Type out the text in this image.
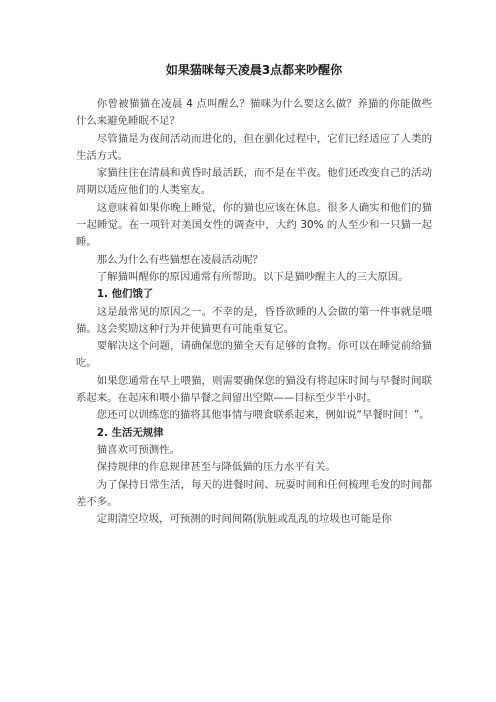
如果猫咪每天凌晨3点都来吵醒你

你曾被猫猫在凌晨 4 点叫醒么？猫咪为什么要这么做？养猫的你能做些什么来避免睡眠不足？

尽管猫是为夜间活动而进化的，但在驯化过程中，它们已经适应了人类的生活方式。

家猫往往在清晨和黄昏时最活跃，而不是在半夜。他们还改变自己的活动周期以适应他们的人类室友。

这意味着如果你晚上睡觉，你的猫也应该在休息。很多人确实和他们的猫一起睡觉。在一项针对美国女性的调查中，大约 30% 的人至少和一只猫一起睡。

那么为什么有些猫想在凌晨活动呢？

了解猫叫醒你的原因通常有所帮助。以下是猫吵醒主人的三大原因。

1. 他们饿了

这是最常见的原因之一。不幸的是，昏昏欲睡的人会做的第一件事就是喂猫。这会奖励这种行为并使猫更有可能重复它。

要解决这个问题，请确保您的猫全天有足够的食物。你可以在睡觉前给猫吃。

如果您通常在早上喂猫，则需要确保您的猫没有将起床时间与早餐时间联系起来。在起床和喂小猫早餐之间留出空隙——目标至少半小时。

您还可以训练您的猫将其他事情与喂食联系起来，例如说“早餐时间！”。

2. 生活无规律

猫喜欢可预测性。

保持规律的作息规律甚至与降低猫的压力水平有关。

为了保持日常生活，每天的进餐时间、玩耍时间和任何梳理毛发的时间都差不多。

定期清空垃圾，可预测的时间间隔(肮脏或乱乱的垃圾也可能是你
